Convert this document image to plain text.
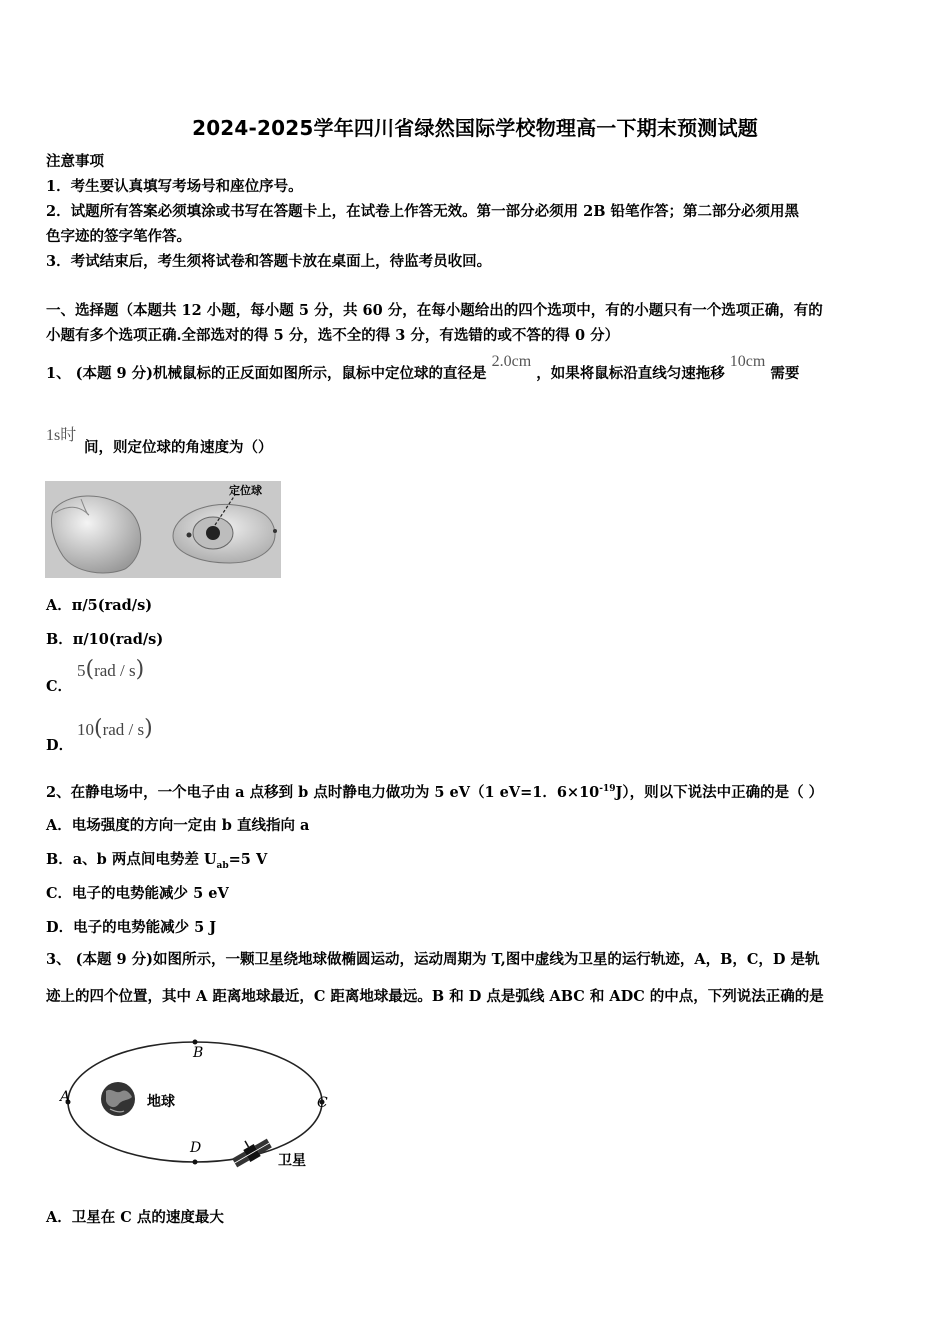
2024-2025学年四川省绿然国际学校物理高一下期末预测试题
注意事项
1．考生要认真填写考场号和座位序号。
2．试题所有答案必须填涂或书写在答题卡上，在试卷上作答无效。第一部分必须用 2B 铅笔作答；第二部分必须用黑
色字迹的签字笔作答。
3．考试结束后，考生须将试卷和答题卡放在桌面上，待监考员收回。
一、选择题（本题共 12 小题，每小题 5 分，共 60 分，在每小题给出的四个选项中，有的小题只有一个选项正确，有的
小题有多个选项正确.全部选对的得 5 分，选不全的得 3 分，有选错的或不答的得 0 分）
1、 (本题 9 分)机械鼠标的正反面如图所示，鼠标中定位球的直径是 2.0cm ，如果将鼠标沿直线匀速拖移 10cm 需要
1s时
间，则定位球的角速度为（）
定位球
A．π/5(rad/s)
B．π/10(rad/s)
C．
5(rad / s)
D．
10(rad / s)
2、在静电场中，一个电子由 a 点移到 b 点时静电力做功为 5 eV（1 eV=1．$6\times 10^{-19}J$），则以下说法中正确的是（ ）
A．电场强度的方向一定由 b 直线指向 a
B．a、b 两点间电势差 $U_{ab}=5$ V
C．电子的电势能减少 5 eV
D．电子的电势能减少 5 J
3、 (本题 9 分)如图所示，一颗卫星绕地球做椭圆运动，运动周期为 T,图中虚线为卫星的运行轨迹，A，B，C，D 是轨
迹上的四个位置，其中 A 距离地球最近，C 距离地球最远。B 和 D 点是弧线 ABC 和 ADC 的中点，下列说法正确的是
A
B
C
D
地球
卫星
A．卫星在 C 点的速度最大
